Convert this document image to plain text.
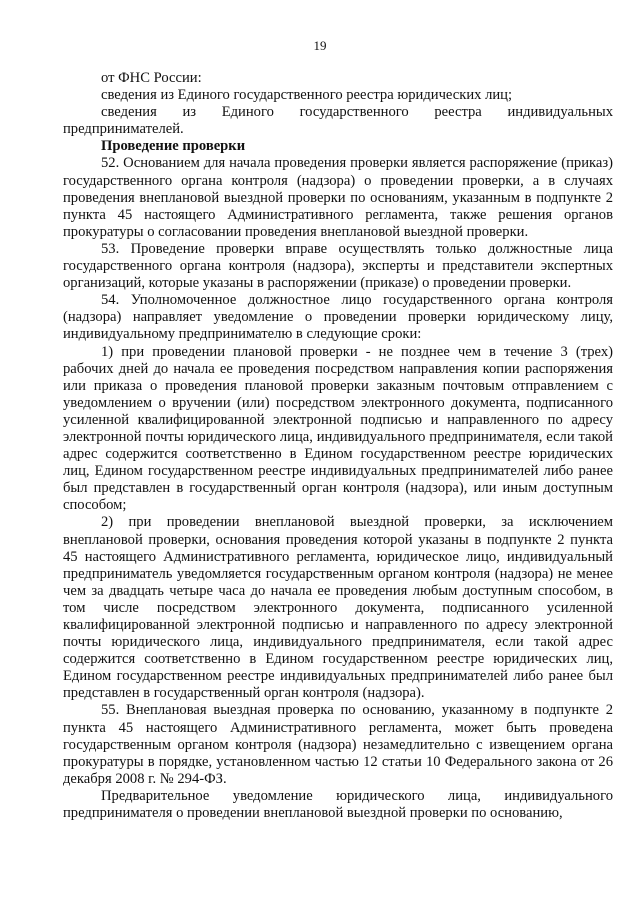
19

от ФНС России:

сведения из Единого государственного реестра юридических лиц;

сведения из Единого государственного реестра индивидуальных предпринимателей.

Проведение проверки

52. Основанием для начала проведения проверки является распоряжение (приказ) государственного органа контроля (надзора) о проведении проверки, а в случаях проведения внеплановой выездной проверки по основаниям, указанным в подпункте 2 пункта 45 настоящего Административного регламента, также решения органов прокуратуры о согласовании проведения внеплановой выездной проверки.

53. Проведение проверки вправе осуществлять только должностные лица государственного органа контроля (надзора), эксперты и представители экспертных организаций, которые указаны в распоряжении (приказе) о проведении проверки.

54. Уполномоченное должностное лицо государственного органа контроля (надзора) направляет уведомление о проведении проверки юридическому лицу, индивидуальному предпринимателю в следующие сроки:

1) при проведении плановой проверки - не позднее чем в течение 3 (трех) рабочих дней до начала ее проведения посредством направления копии распоряжения или приказа о проведения плановой проверки заказным почтовым отправлением с уведомлением о вручении (или) посредством электронного документа, подписанного усиленной квалифицированной электронной подписью и направленного по адресу электронной почты юридического лица, индивидуального предпринимателя, если такой адрес содержится соответственно в Едином государственном реестре юридических лиц, Едином государственном реестре индивидуальных предпринимателей либо ранее был представлен в государственный орган контроля (надзора), или иным доступным способом;

2) при проведении внеплановой выездной проверки, за исключением внеплановой проверки, основания проведения которой указаны в подпункте 2 пункта 45 настоящего Административного регламента, юридическое лицо, индивидуальный предприниматель уведомляется государственным органом контроля (надзора) не менее чем за двадцать четыре часа до начала ее проведения любым доступным способом, в том числе посредством электронного документа, подписанного усиленной квалифицированной электронной подписью и направленного по адресу электронной почты юридического лица, индивидуального предпринимателя, если такой адрес содержится соответственно в Едином государственном реестре юридических лиц, Едином государственном реестре индивидуальных предпринимателей либо ранее был представлен в государственный орган контроля (надзора).

55. Внеплановая выездная проверка по основанию, указанному в подпункте 2 пункта 45 настоящего Административного регламента, может быть проведена государственным органом контроля (надзора) незамедлительно с извещением органа прокуратуры в порядке, установленном частью 12 статьи 10 Федерального закона от 26 декабря 2008 г. № 294-ФЗ.

Предварительное уведомление юридического лица, индивидуального предпринимателя о проведении внеплановой выездной проверки по основанию,
